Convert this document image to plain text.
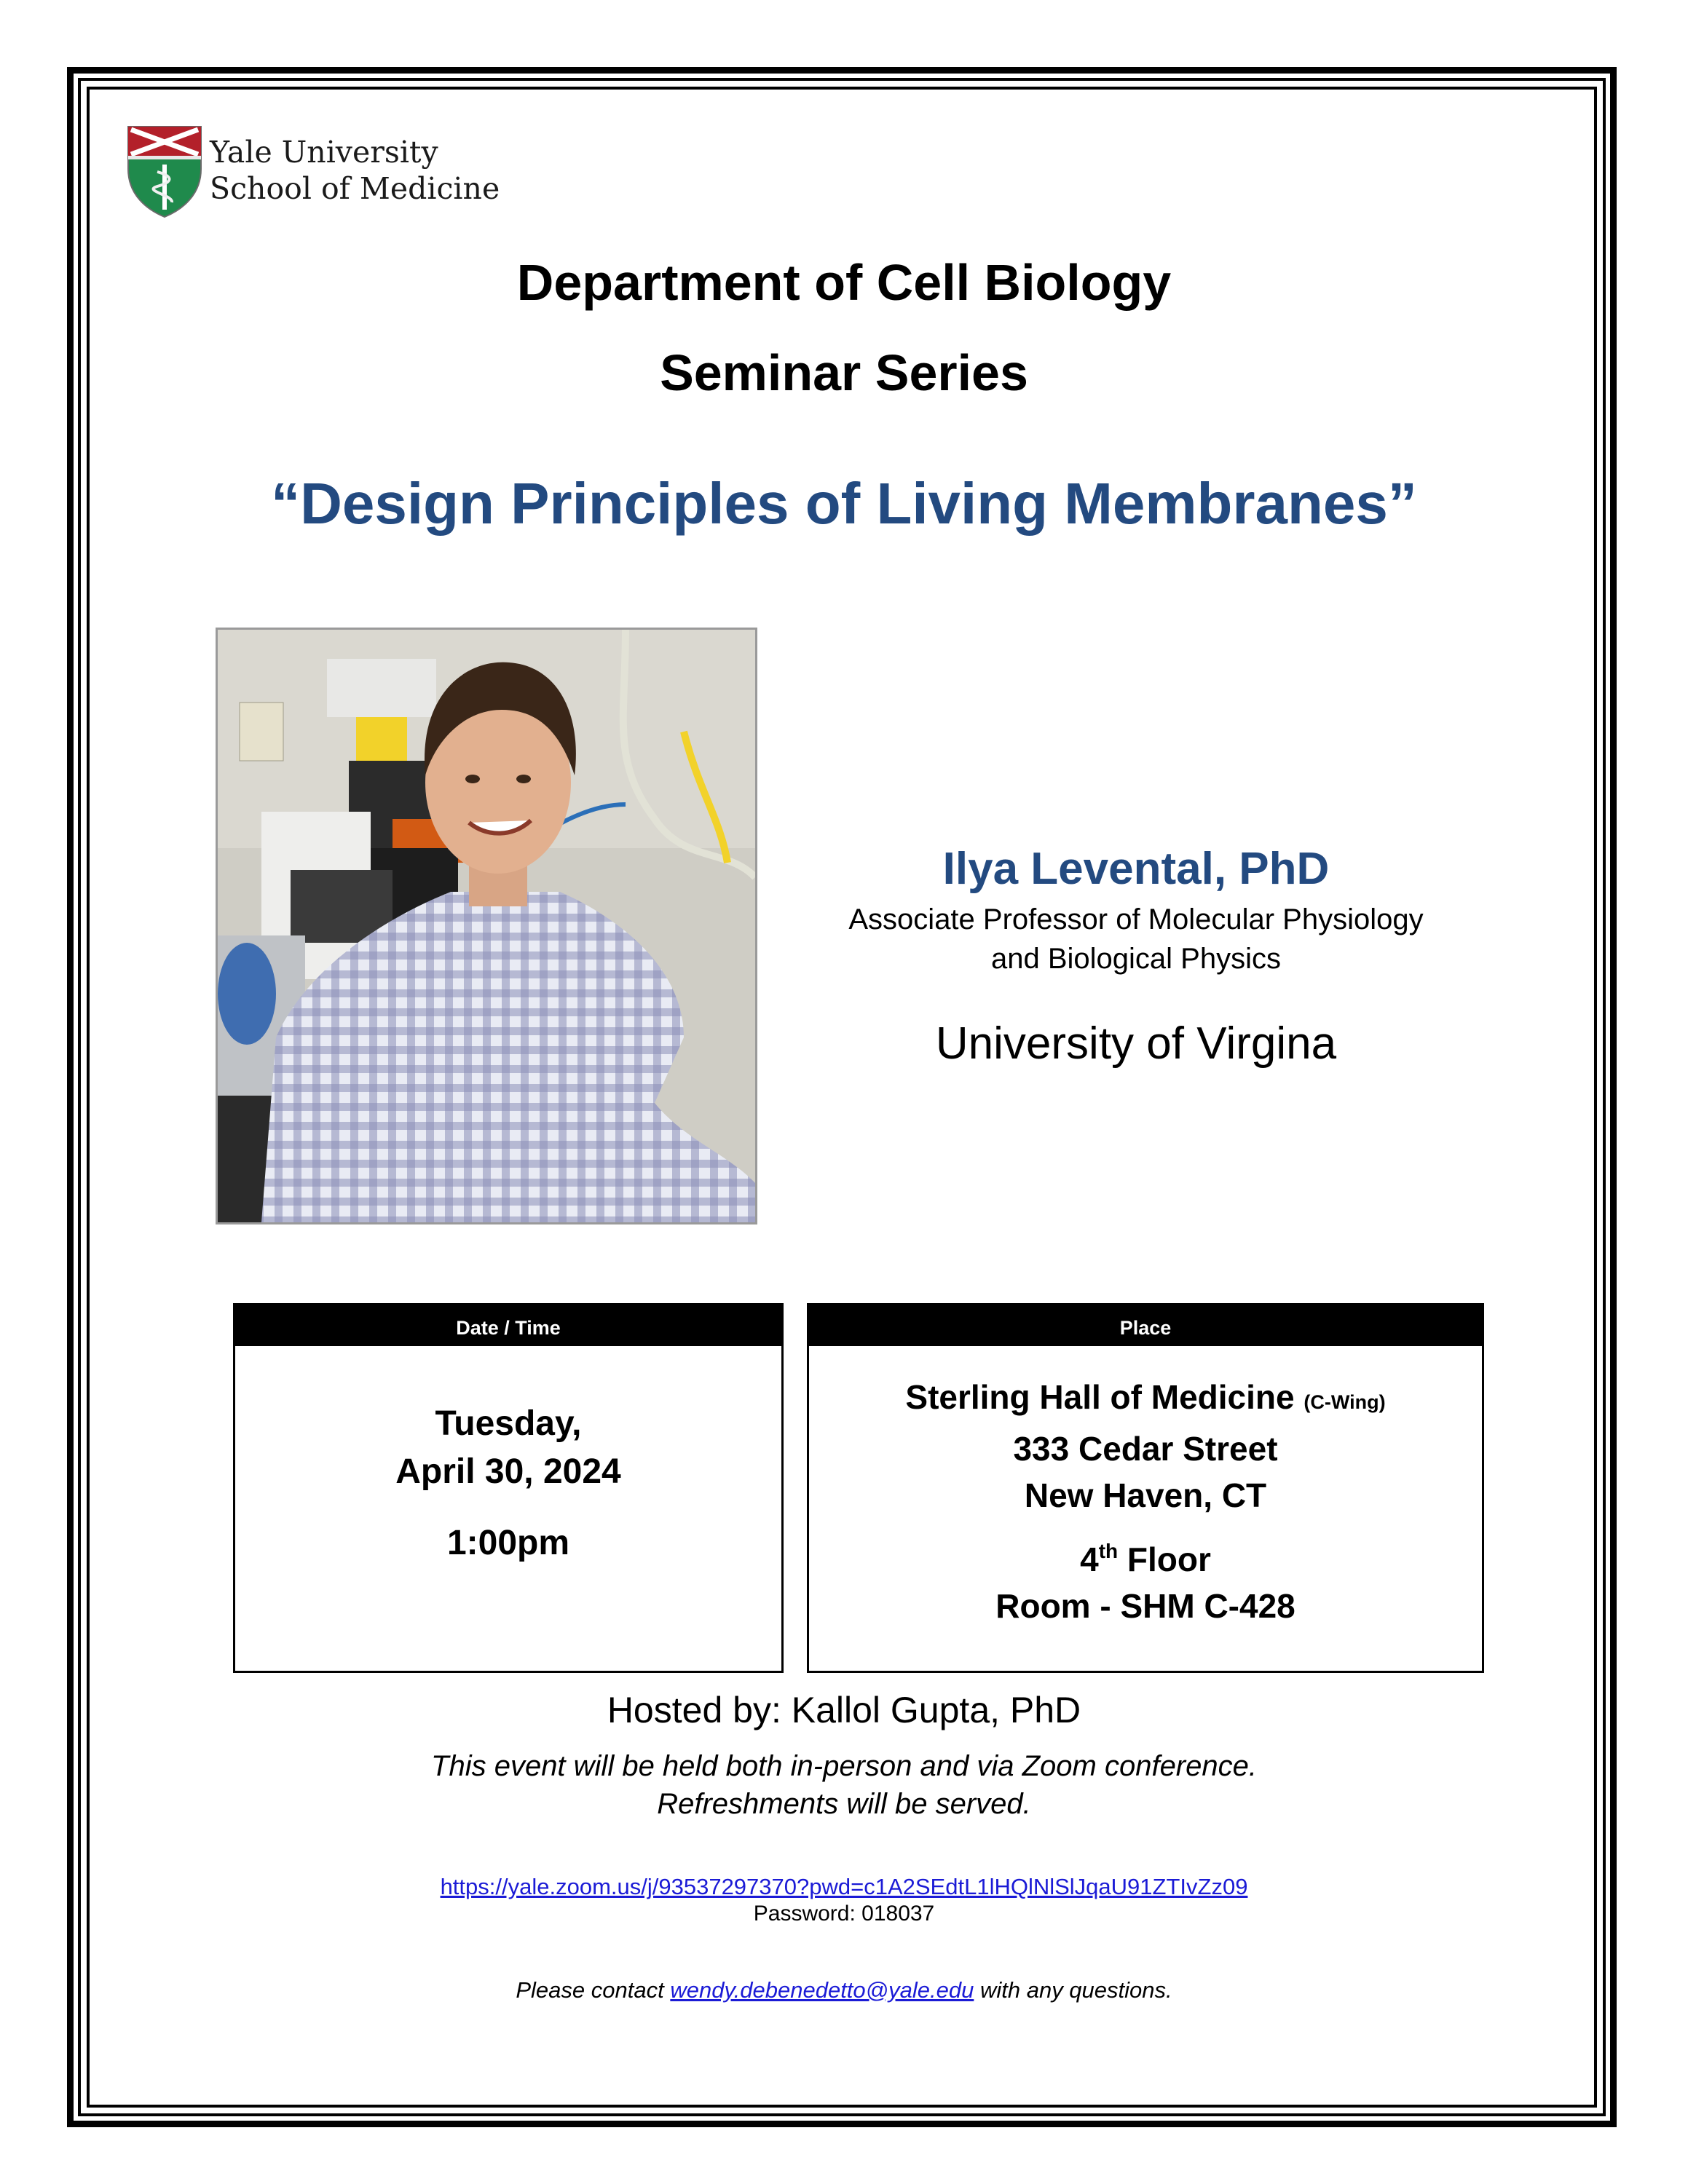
Yale University
School of Medicine
Department of Cell Biology
Seminar Series
“Design Principles of Living Membranes”
Ilya Levental, PhD
Associate Professor of Molecular Physiology
and Biological Physics
University of Virgina
Date / Time
Tuesday,
April 30, 2024
1:00pm
Place
Sterling Hall of Medicine (C-Wing)
333 Cedar Street
New Haven, CT
4th Floor
Room - SHM C-428
Hosted by: Kallol Gupta, PhD
This event will be held both in-person and via Zoom conference.
Refreshments will be served.
https://yale.zoom.us/j/93537297370?pwd=c1A2SEdtL1lHQlNlSlJqaU91ZTIvZz09
Password: 018037
Please contact wendy.debenedetto@yale.edu with any questions.
